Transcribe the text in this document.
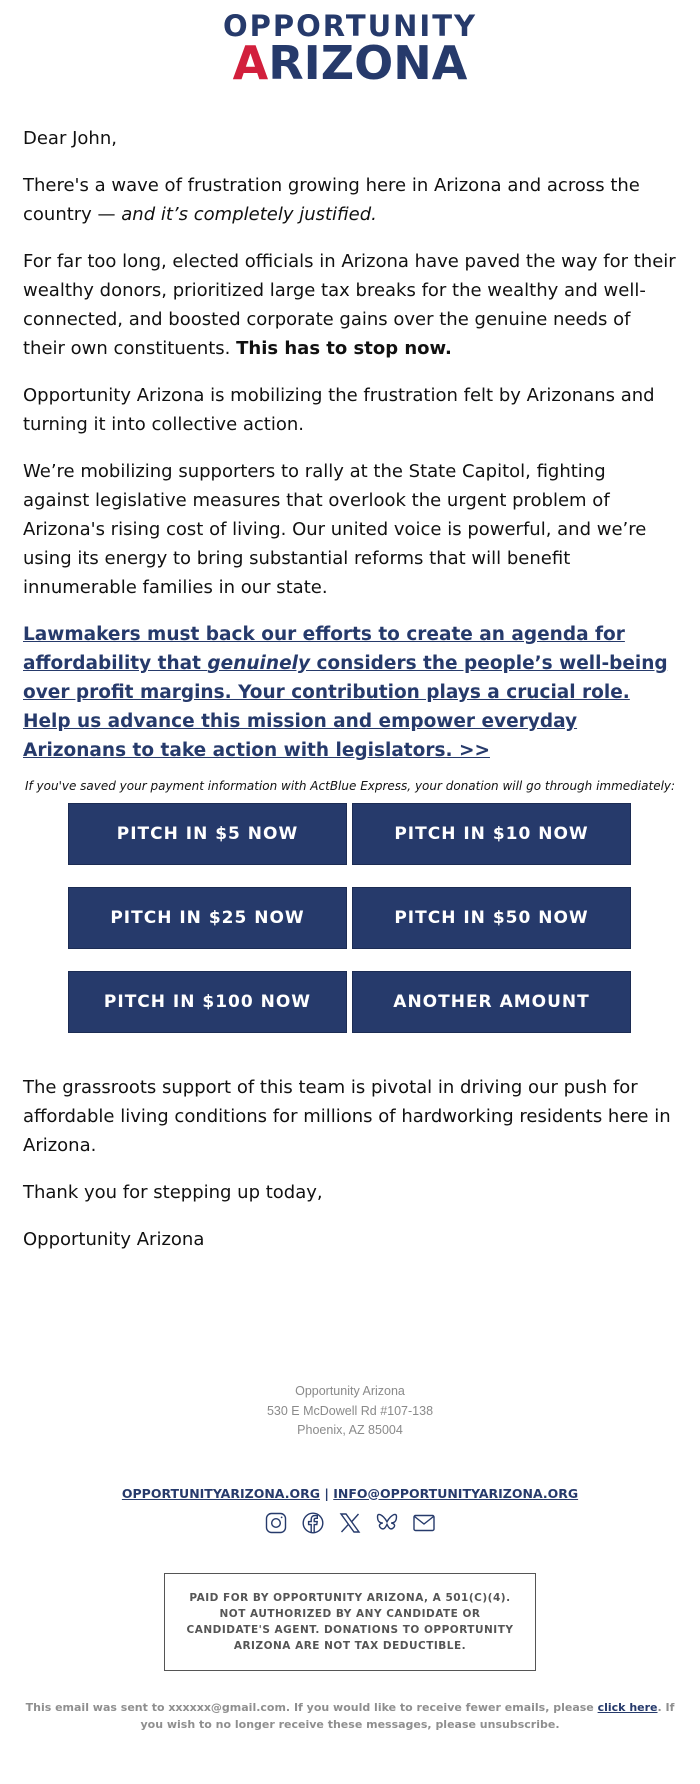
OPPORTUNITY
ARIZONA

Dear John,

There's a wave of frustration growing here in Arizona and across the country — and it’s completely justified.

For far too long, elected officials in Arizona have paved the way for their wealthy donors, prioritized large tax breaks for the wealthy and well-connected, and boosted corporate gains over the genuine needs of their own constituents. This has to stop now.

Opportunity Arizona is mobilizing the frustration felt by Arizonans and turning it into collective action.

We’re mobilizing supporters to rally at the State Capitol, fighting against legislative measures that overlook the urgent problem of Arizona's rising cost of living. Our united voice is powerful, and we’re using its energy to bring substantial reforms that will benefit innumerable families in our state.

Lawmakers must back our efforts to create an agenda for affordability that genuinely considers the people’s well-being over profit margins. Your contribution plays a crucial role. Help us advance this mission and empower everyday Arizonans to take action with legislators. >>
If you've saved your payment information with ActBlue Express, your donation will go through immediately:
PITCH IN $5 NOW	PITCH IN $10 NOW
PITCH IN $25 NOW	PITCH IN $50 NOW
PITCH IN $100 NOW	ANOTHER AMOUNT

The grassroots support of this team is pivotal in driving our push for affordable living conditions for millions of hardworking residents here in Arizona.

Thank you for stepping up today,

Opportunity Arizona

Opportunity Arizona
530 E McDowell Rd #107-138
Phoenix, AZ 85004
OPPORTUNITYARIZONA.ORG | INFO@OPPORTUNITYARIZONA.ORG
PAID FOR BY OPPORTUNITY ARIZONA, A 501(C)(4). NOT AUTHORIZED BY ANY CANDIDATE OR CANDIDATE'S AGENT. DONATIONS TO OPPORTUNITY ARIZONA ARE NOT TAX DEDUCTIBLE.
This email was sent to xxxxxx@gmail.com. If you would like to receive fewer emails, please click here. If you wish to no longer receive these messages, please unsubscribe.
